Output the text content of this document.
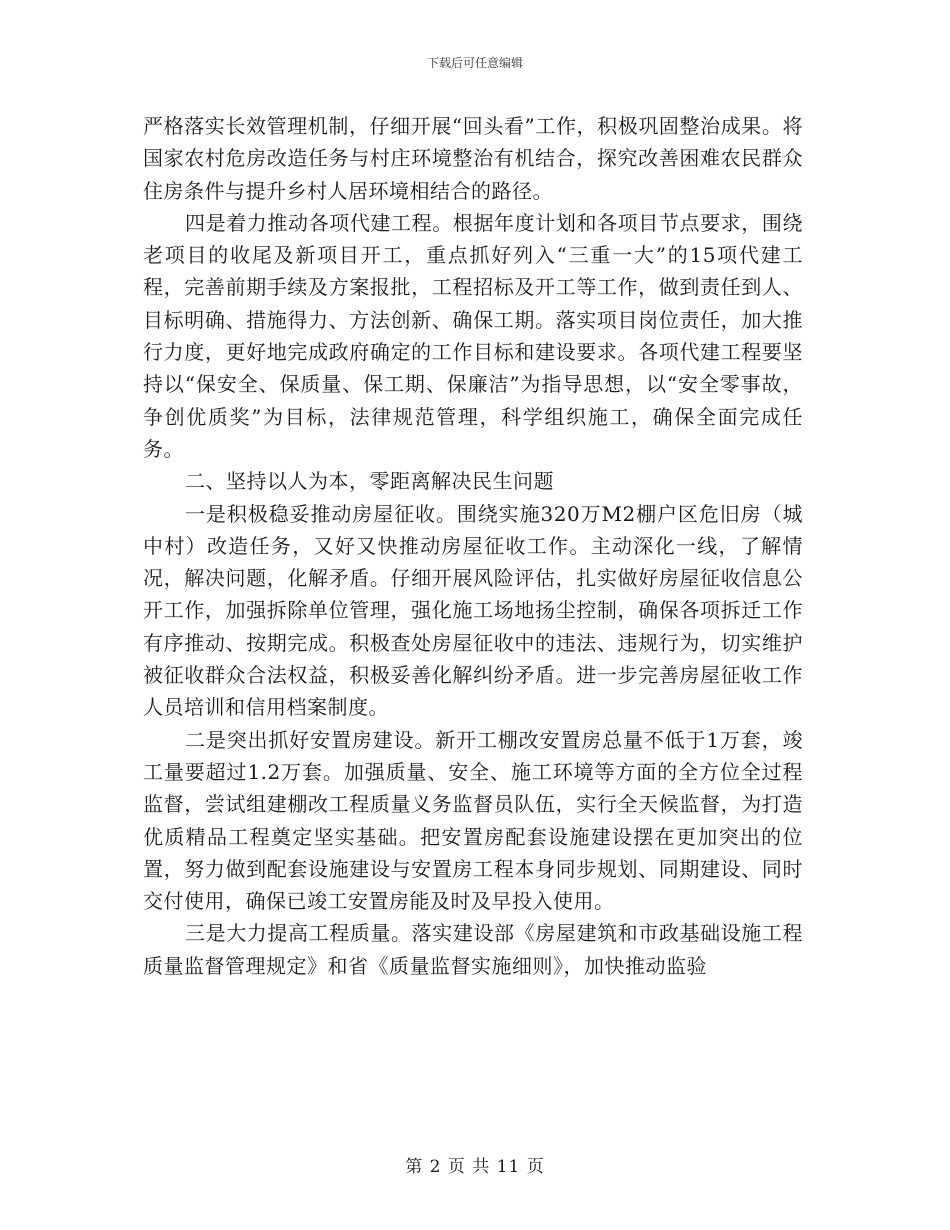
下载后可任意编辑

严格落实长效管理机制，仔细开展“回头看”工作，积极巩固整治成果。将国家农村危房改造任务与村庄环境整治有机结合，探究改善困难农民群众住房条件与提升乡村人居环境相结合的路径。

四是着力推动各项代建工程。根据年度计划和各项目节点要求，围绕老项目的收尾及新项目开工，重点抓好列入“三重一大”的15项代建工程，完善前期手续及方案报批，工程招标及开工等工作，做到责任到人、目标明确、措施得力、方法创新、确保工期。落实项目岗位责任，加大推行力度，更好地完成政府确定的工作目标和建设要求。各项代建工程要坚持以“保安全、保质量、保工期、保廉洁”为指导思想，以“安全零事故，争创优质奖”为目标，法律规范管理，科学组织施工，确保全面完成任务。

二、坚持以人为本，零距离解决民生问题

一是积极稳妥推动房屋征收。围绕实施320万M2棚户区危旧房（城中村）改造任务，又好又快推动房屋征收工作。主动深化一线，了解情况，解决问题，化解矛盾。仔细开展风险评估，扎实做好房屋征收信息公开工作，加强拆除单位管理，强化施工场地扬尘控制，确保各项拆迁工作有序推动、按期完成。积极查处房屋征收中的违法、违规行为，切实维护被征收群众合法权益，积极妥善化解纠纷矛盾。进一步完善房屋征收工作人员培训和信用档案制度。

二是突出抓好安置房建设。新开工棚改安置房总量不低于1万套，竣工量要超过1.2万套。加强质量、安全、施工环境等方面的全方位全过程监督，尝试组建棚改工程质量义务监督员队伍，实行全天候监督，为打造优质精品工程奠定坚实基础。把安置房配套设施建设摆在更加突出的位置，努力做到配套设施建设与安置房工程本身同步规划、同期建设、同时交付使用，确保已竣工安置房能及时及早投入使用。

三是大力提高工程质量。落实建设部《房屋建筑和市政基础设施工程质量监督管理规定》和省《质量监督实施细则》，加快推动监验

第 2 页 共 11 页
